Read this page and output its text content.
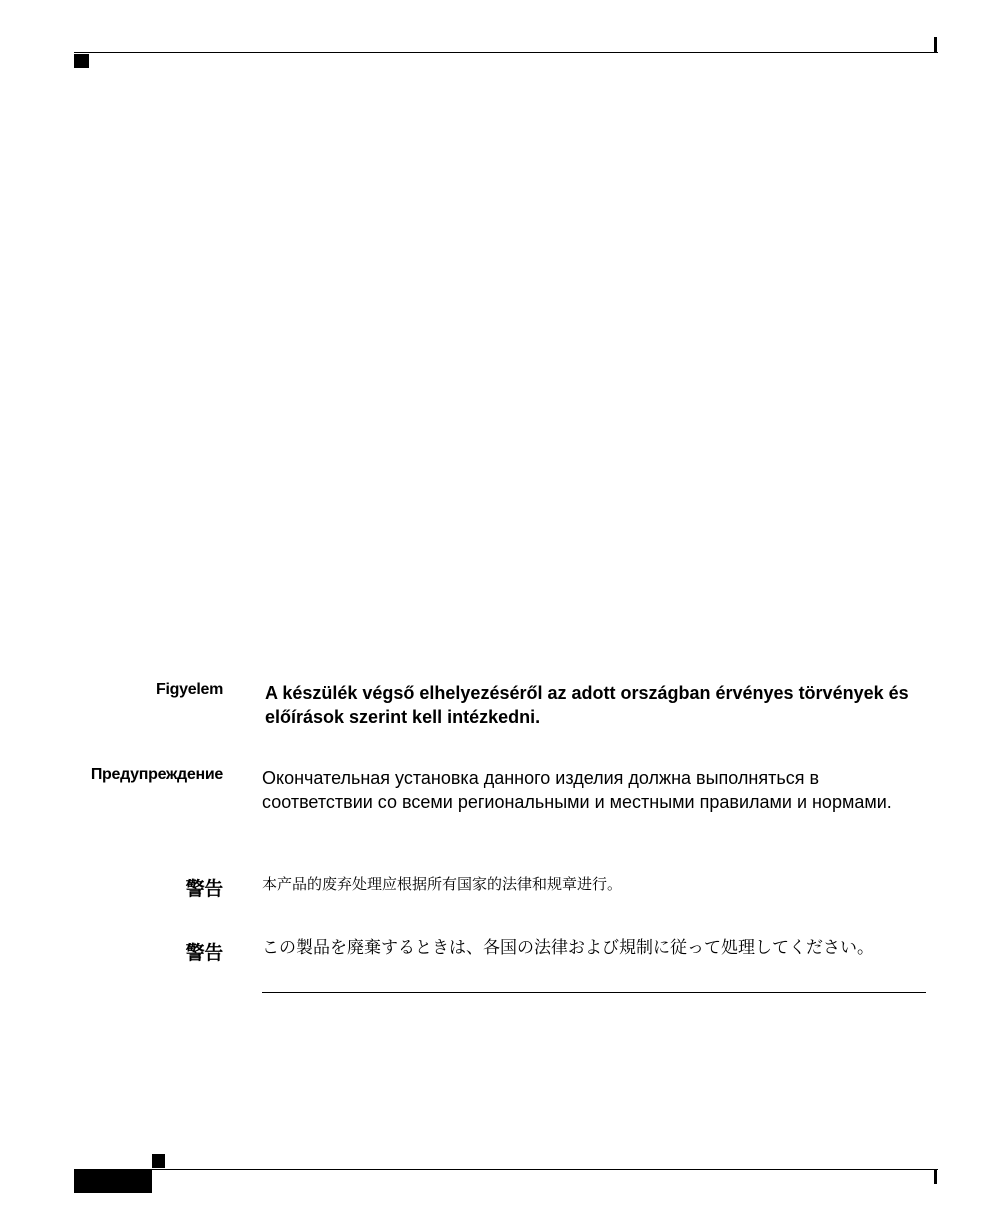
Figyelem A készülék végső elhelyezéséről az adott országban érvényes törvények és előírások szerint kell intézkedni.
Предупреждение Окончательная установка данного изделия должна выполняться в соответствии со всеми региональными и местными правилами и нормами.
警告	本产品的废弃处理应根据所有国家的法律和规章进行。
警告 この製品を廃棄するときは、各国の法律および規制に従って処理してください。
